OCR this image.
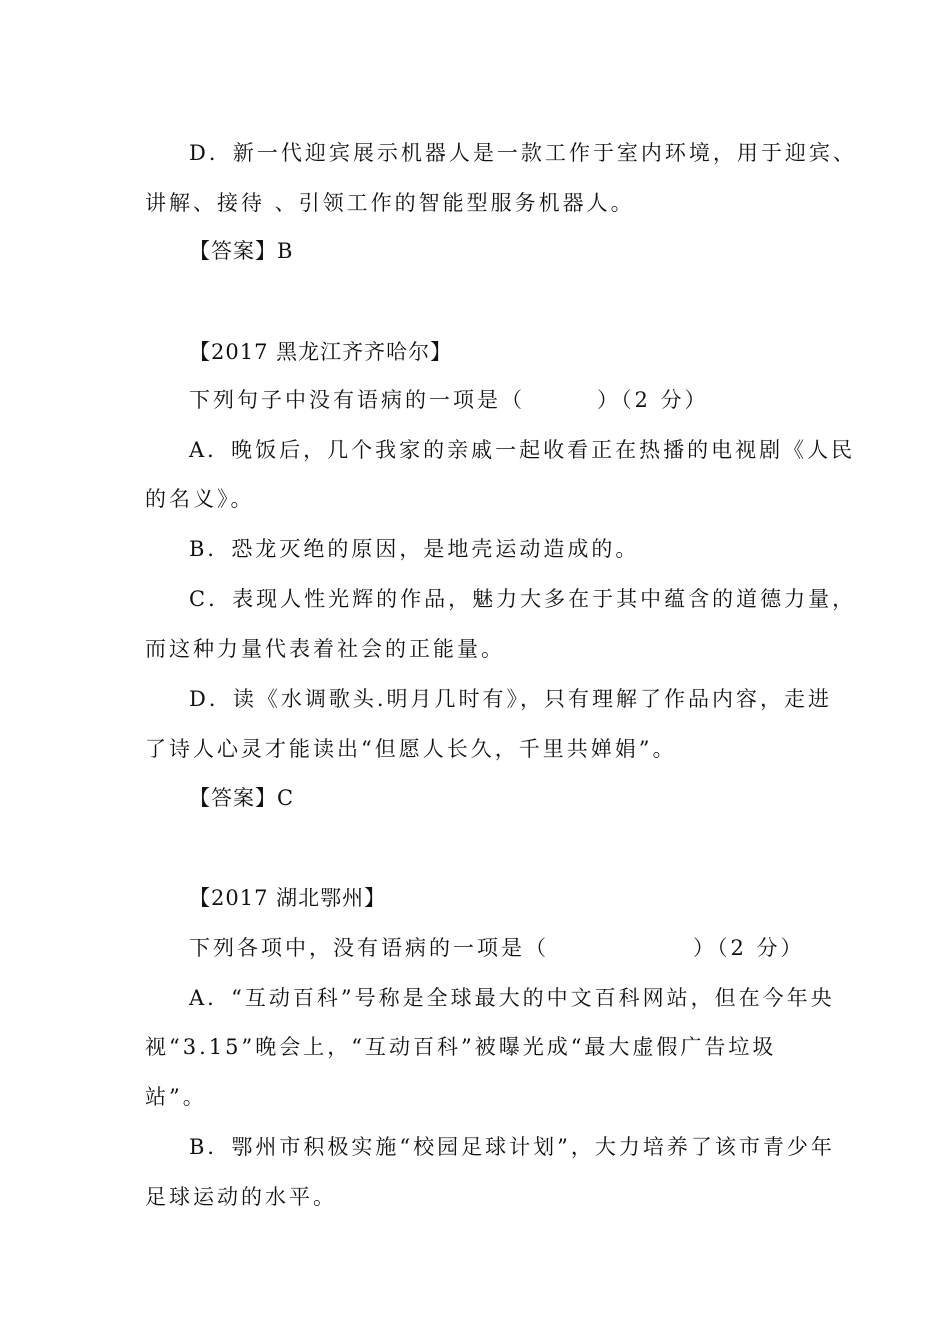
D．新一代迎宾展示机器人是一款工作于室内环境，用于迎宾、
讲解、接待 、引领工作的智能型服务机器人。
【答案】B
【2017 黑龙江齐齐哈尔】
下列句子中没有语病的一项是（　　　）（2 分）
A．晚饭后，几个我家的亲戚一起收看正在热播的电视剧《人民
的名义》。
B．恐龙灭绝的原因，是地壳运动造成的。
C．表现人性光辉的作品，魅力大多在于其中蕴含的道德力量，
而这种力量代表着社会的正能量。
D．读《水调歌头.明月几时有》，只有理解了作品内容，走进
了诗人心灵才能读出“但愿人长久，千里共婵娟”。
【答案】C
【2017 湖北鄂州】
下列各项中，没有语病的一项是（　　　　　　）（2 分）
A．“互动百科”号称是全球最大的中文百科网站，但在今年央
视“3.15”晚会上，“互动百科”被曝光成“最大虚假广告垃圾
站”。
B．鄂州市积极实施“校园足球计划”，大力培养了该市青少年
足球运动的水平。
